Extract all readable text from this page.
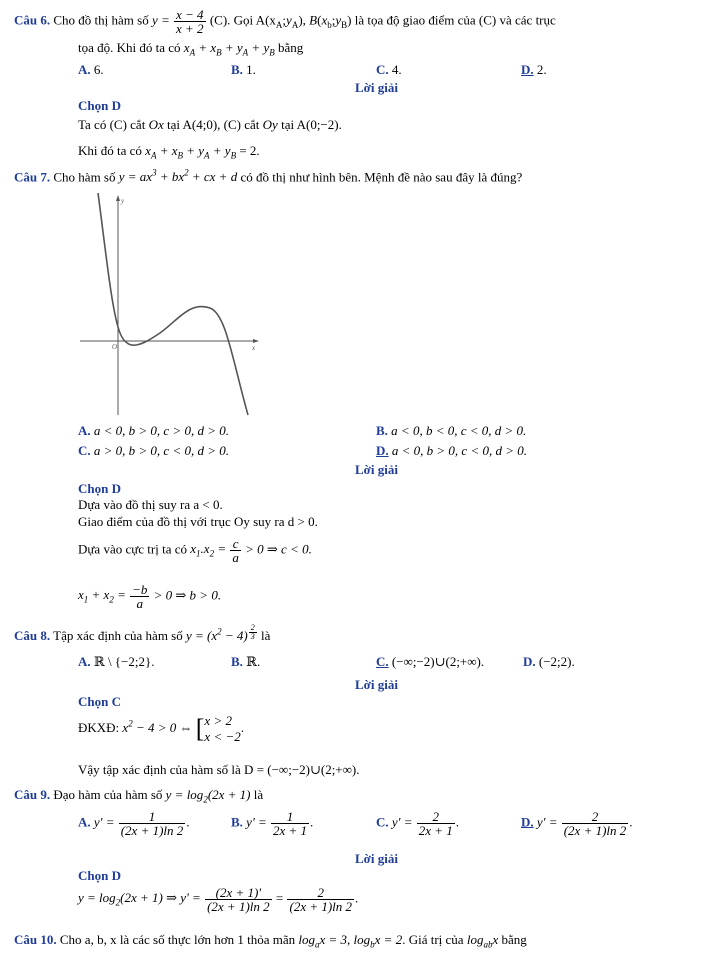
Câu 6. Cho đồ thị hàm số $y = \frac{x - 4}{x + 2} (C)$. Gọi $A(x_A;y_A)$, $B(x_b;y_B)$ là tọa độ giao điểm của (C) và các trục
tọa độ. Khi đó ta có $x_A + x_B + y_A + y_B$ bằng
A. 6.	B. 1.	C. 4.	D. 2.
Lời giải
Chọn D
Ta có (C) cắt Ox tại A(4;0), (C) cắt Oy tại A(0;−2).
Khi đó ta có $x_A + x_B + y_A + y_B = 2$.
Câu 7. Cho hàm số $y = ax^3 + bx^2$ + cx + d có đồ thị như hình bên. Mệnh đề nào sau đây là đúng?
y
x
O
A. a < 0, b > 0, c > 0, d > 0.	B. a < 0, b < 0, c < 0, d > 0.
C. a > 0, b > 0, c < 0, d > 0.	D. a < 0, b > 0, c < 0, d > 0.
Lời giải
Chọn D
Dựa vào đồ thị suy ra a < 0.
Giao điểm của đồ thị với trục Oy suy ra d > 0.
Dựa vào cực trị ta có $x_1.x_2 = \frac{c}{a} > 0$ ⇒ c < 0.
$x_1 + x_2 = \frac{-b}{a} > 0$ ⇒ b > 0.
Câu 8. Tập xác định của hàm số $y = (x^2 - 4)$ $^{\frac{2}{3}}$ là
A. ℝ \ {−2;2}.	B. ℝ.	C. (−∞;−2)∪(2;+∞).	D. (−2;2).
Lời giải
Chọn C
ĐKXĐ: $x^2 - 4 > 0$ ⇔ [x > 2
x < −2.
Vậy tập xác định của hàm số là D = (−∞;−2)∪(2;+∞).
Câu 9. Đạo hàm của hàm số $y = \log_2(2x + 1)$ là
A. $y' = \frac{1}{(2x + 1)\ln 2}$ .	B. $y' = \frac{1}{2x + 1}$ .	C. $y' = \frac{2}{2x + 1}$ .	D. $y' = \frac{2}{(2x + 1)\ln 2}$ .
Lời giải
Chọn D
$y = \log_2(2x + 1)$ ⇒ $y' = \frac{(2x + 1)'}{(2x + 1)\ln 2} = \frac{2}{(2x + 1)\ln 2}$ .
Câu 10. Cho a, b, x là các số thực lớn hơn 1 thỏa mãn $\log_ax = 3$, $\log_bx = 2$. Giá trị của $\log_{ab}x$ bằng
